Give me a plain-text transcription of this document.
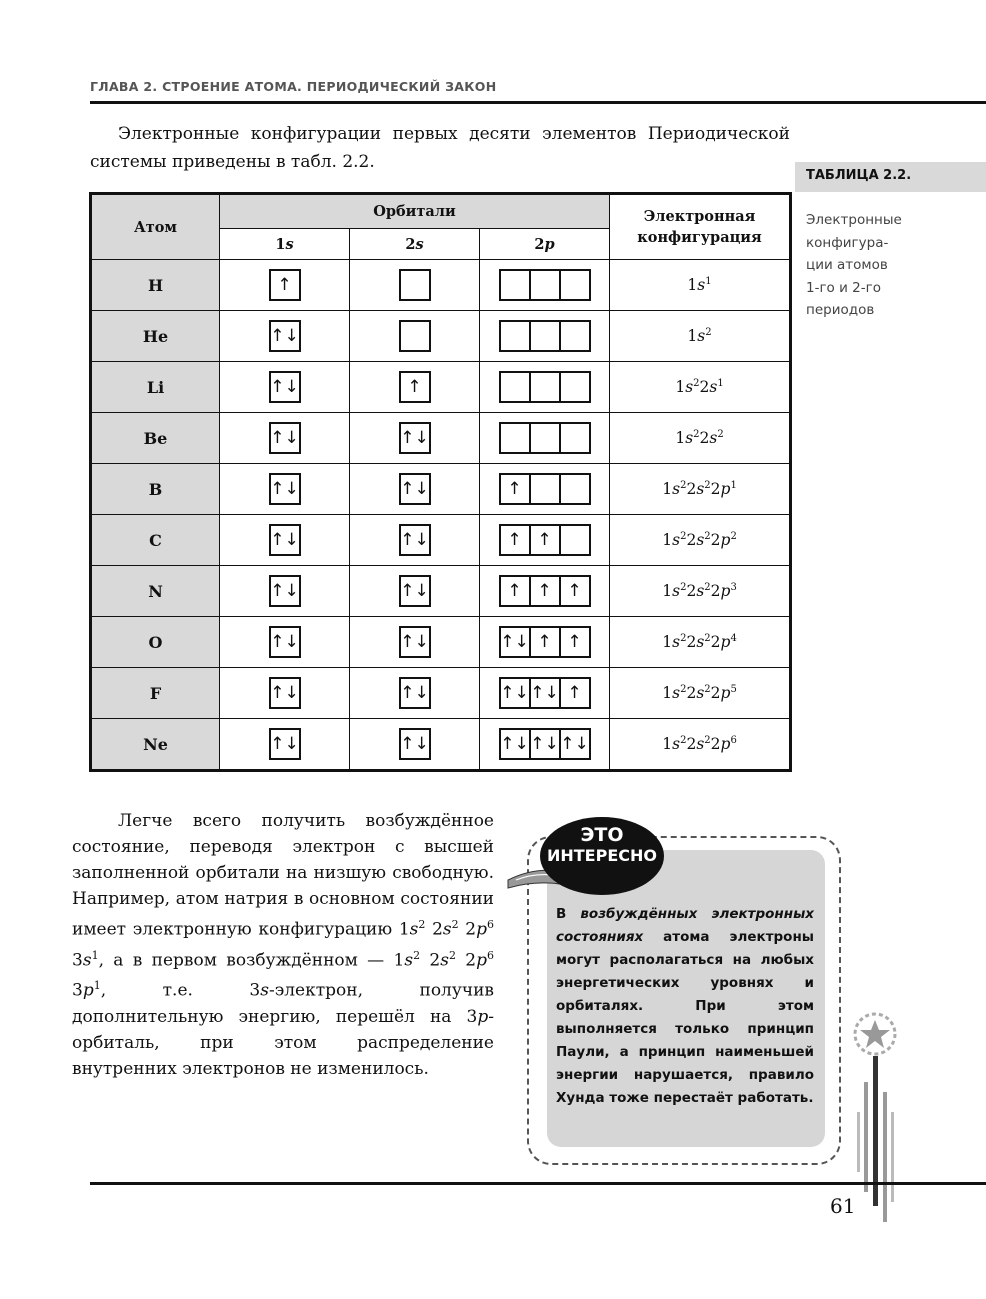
ГЛАВА 2. СТРОЕНИЕ АТОМА. ПЕРИОДИЧЕСКИЙ ЗАКОН

Электронные конфигурации первых десяти элементов Периодической системы приведены в табл. 2.2.

ТАБЛИЦА 2.2.
Электронные
конфигура-
ции атомов
1-го и 2-го
периодов
Атом	Орбитали			Электронная конфигурация
	1s	2s	2p	
H	↑			$1s^1$
He	↑↓			$1s^2$
Li	↑↓	↑		$1s^22s^1$
Be	↑↓	↑↓		$1s^22s^2$
B	↑↓	↑↓	↑	$1s^22s^22p^1$
C	↑↓	↑↓	↑ ↑	$1s^22s^22p^2$
N	↑↓	↑↓	↑ ↑ ↑	$1s^22s^22p^3$
O	↑↓	↑↓	↑↓ ↑ ↑	$1s^22s^22p^4$
F	↑↓	↑↓	↑↓ ↑↓ ↑	$1s^22s^22p^5$
Ne	↑↓	↑↓	↑↓ ↑↓ ↑↓	$1s^22s^22p^6$

Легче всего получить возбуждённое состояние, переводя электрон с высшей заполненной орбитали на низшую свободную. Например, атом натрия в основном состоянии имеет электронную конфигурацию $1s^2$ $2s^2$ $2p^6$ $3s^1$, а в первом возбуждённом — $1s^2$ $2s^2$ $2p^6$ $3p^1$, т.е. 3s-электрон, получив дополнительную энергию, перешёл на 3p-орбиталь, при этом распределение внутренних электронов не изменилось.

В возбуждённых электронных состояниях атома электроны могут располагаться на любых энергетических уровнях и орбиталях. При этом выполняется только принцип Паули, а принцип наименьшей энергии нарушается, правило Хунда тоже перестаёт работать.
ЭТО
ИНТЕРЕСНО
61
